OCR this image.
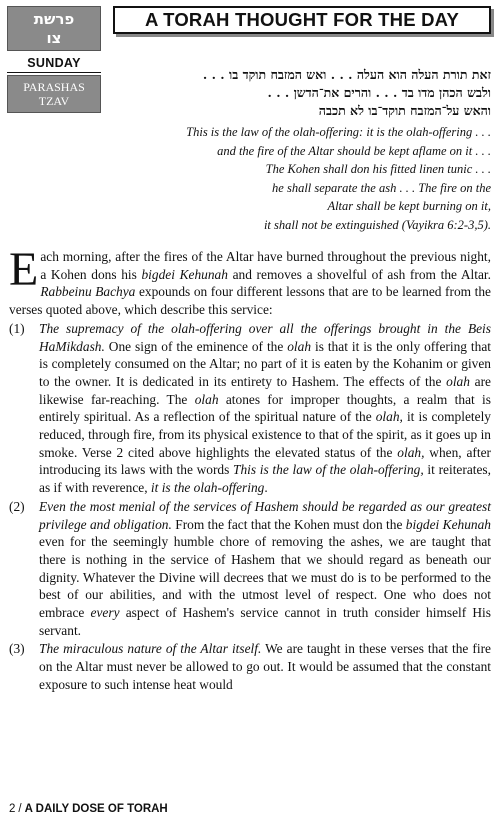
פרשת
צו
SUNDAY
PARASHAS
TZAV
A TORAH THOUGHT FOR THE DAY
זאת תורת העלה הוא העלה . . . ואש המזבח תוקד בו . . .
ולבש הכהן מדו בד . . . והרים את־הדשן . . .
והאש על־המזבח תוקד־בו לא תכבה
This is the law of the olah-offering: it is the olah-offering . . .
and the fire of the Altar should be kept aflame on it . . .
The Kohen shall don his fitted linen tunic . . .
he shall separate the ash . . . The fire on the
Altar shall be kept burning on it,
it shall not be extinguished (Vayikra 6:2-3,5).

Each morning, after the fires of the Altar have burned throughout the previous night, a Kohen dons his bigdei Kehunah and removes a shovelful of ash from the Altar. Rabbeinu Bachya expounds on four different lessons that are to be learned from the verses quoted above, which describe this service:

(1) The supremacy of the olah-offering over all the offerings brought in the Beis HaMikdash. One sign of the eminence of the olah is that it is the only offering that is completely consumed on the Altar; no part of it is eaten by the Kohanim or given to the owner. It is dedicated in its entirety to Hashem. The effects of the olah are likewise far-reaching. The olah atones for improper thoughts, a realm that is entirely spiritual. As a reflection of the spiritual nature of the olah, it is completely reduced, through fire, from its physical existence to that of the spirit, as it goes up in smoke. Verse 2 cited above highlights the elevated status of the olah, when, after introducing its laws with the words This is the law of the olah-offering, it reiterates, as if with reverence, it is the olah-offering.
(2) Even the most menial of the services of Hashem should be regarded as our greatest privilege and obligation. From the fact that the Kohen must don the bigdei Kehunah even for the seemingly humble chore of removing the ashes, we are taught that there is nothing in the service of Hashem that we should regard as beneath our dignity. Whatever the Divine will decrees that we must do is to be performed to the best of our abilities, and with the utmost level of respect. One who does not embrace every aspect of Hashem's service cannot in truth consider himself His servant.
(3) The miraculous nature of the Altar itself. We are taught in these verses that the fire on the Altar must never be allowed to go out. It would be assumed that the constant exposure to such intense heat would
2 / A DAILY DOSE OF TORAH
